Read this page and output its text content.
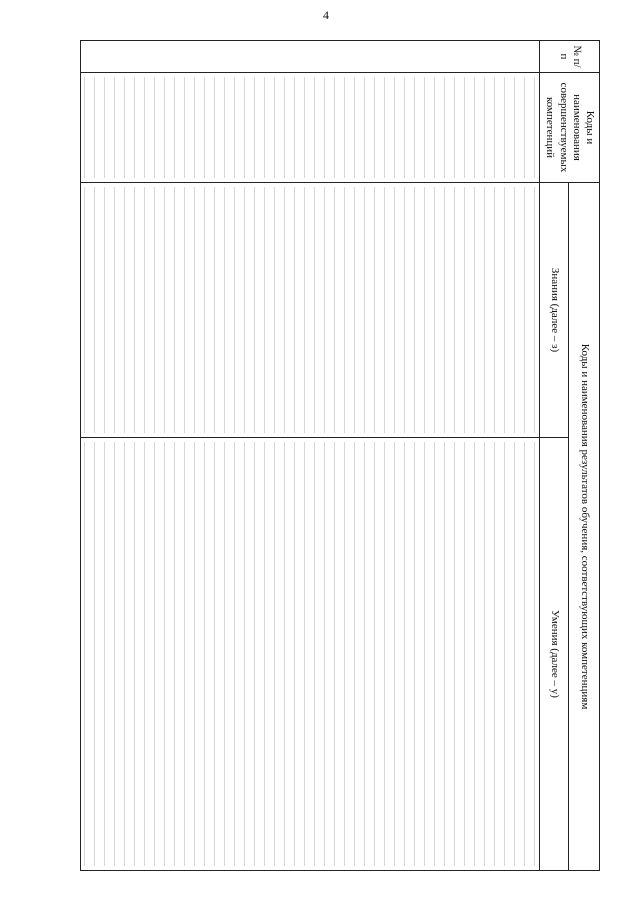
4
№ п/п	Коды и наименования совершенствуемых компетенций	Коды и наименования результатов обучения, соответствующих компетенциям	
		Знания (далее – з)	Умения (далее – у)
